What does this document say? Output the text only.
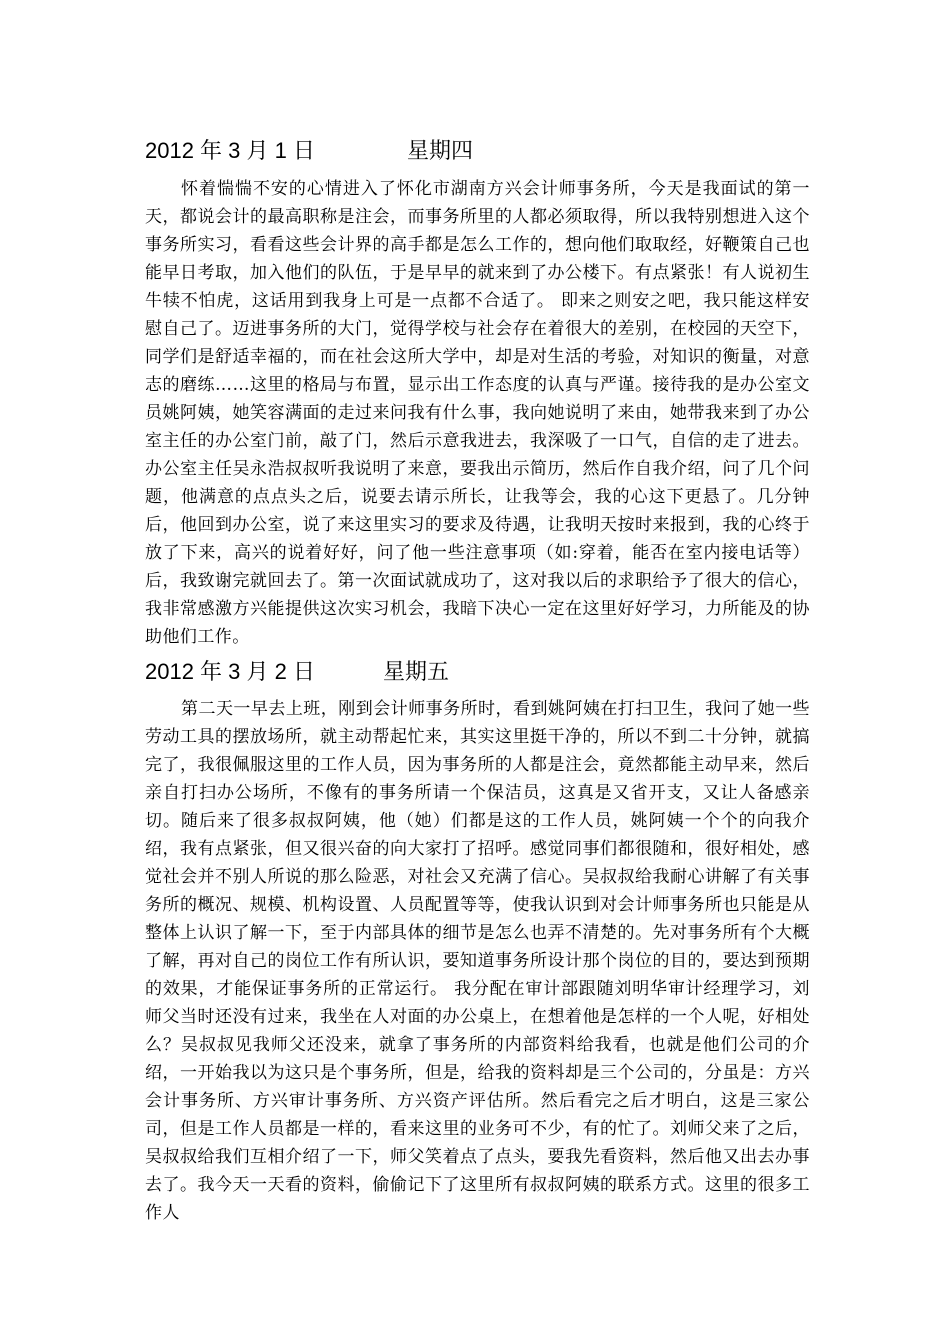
2012 年 3 月 1 日	星期四

怀着惴惴不安的心情进入了怀化市湖南方兴会计师事务所，今天是我面试的第一天，都说会计的最高职称是注会，而事务所里的人都必须取得，所以我特别想进入这个事务所实习，看看这些会计界的高手都是怎么工作的，想向他们取取经，好鞭策自己也能早日考取，加入他们的队伍，于是早早的就来到了办公楼下。有点紧张！有人说初生牛犊不怕虎，这话用到我身上可是一点都不合适了。 即来之则安之吧，我只能这样安慰自己了。迈进事务所的大门，觉得学校与社会存在着很大的差别，在校园的天空下，同学们是舒适幸福的，而在社会这所大学中，却是对生活的考验，对知识的衡量，对意志的磨练……这里的格局与布置，显示出工作态度的认真与严谨。接待我的是办公室文员姚阿姨，她笑容满面的走过来问我有什么事，我向她说明了来由，她带我来到了办公室主任的办公室门前，敲了门，然后示意我进去，我深吸了一口气，自信的走了进去。办公室主任吴永浩叔叔听我说明了来意，要我出示简历，然后作自我介绍，问了几个问题，他满意的点点头之后，说要去请示所长，让我等会，我的心这下更悬了。几分钟后，他回到办公室，说了来这里实习的要求及待遇，让我明天按时来报到，我的心终于放了下来，高兴的说着好好，问了他一些注意事项（如:穿着，能否在室内接电话等）后，我致谢完就回去了。第一次面试就成功了，这对我以后的求职给予了很大的信心，我非常感激方兴能提供这次实习机会，我暗下决心一定在这里好好学习，力所能及的协助他们工作。

2012 年 3 月 2 日	星期五

第二天一早去上班，刚到会计师事务所时，看到姚阿姨在打扫卫生，我问了她一些劳动工具的摆放场所，就主动帮起忙来，其实这里挺干净的，所以不到二十分钟，就搞完了，我很佩服这里的工作人员，因为事务所的人都是注会，竟然都能主动早来，然后亲自打扫办公场所，不像有的事务所请一个保洁员，这真是又省开支，又让人备感亲切。随后来了很多叔叔阿姨，他（她）们都是这的工作人员，姚阿姨一个个的向我介绍，我有点紧张，但又很兴奋的向大家打了招呼。感觉同事们都很随和，很好相处，感觉社会并不别人所说的那么险恶，对社会又充满了信心。吴叔叔给我耐心讲解了有关事务所的概况、规模、机构设置、人员配置等等，使我认识到对会计师事务所也只能是从整体上认识了解一下，至于内部具体的细节是怎么也弄不清楚的。先对事务所有个大概了解，再对自己的岗位工作有所认识，要知道事务所设计那个岗位的目的，要达到预期的效果，才能保证事务所的正常运行。 我分配在审计部跟随刘明华审计经理学习，刘师父当时还没有过来，我坐在人对面的办公桌上，在想着他是怎样的一个人呢，好相处么？吴叔叔见我师父还没来，就拿了事务所的内部资料给我看，也就是他们公司的介绍，一开始我以为这只是个事务所，但是，给我的资料却是三个公司的，分虽是：方兴会计事务所、方兴审计事务所、方兴资产评估所。然后看完之后才明白，这是三家公司，但是工作人员都是一样的，看来这里的业务可不少，有的忙了。刘师父来了之后，吴叔叔给我们互相介绍了一下，师父笑着点了点头，要我先看资料，然后他又出去办事去了。我今天一天看的资料，偷偷记下了这里所有叔叔阿姨的联系方式。这里的很多工作人
